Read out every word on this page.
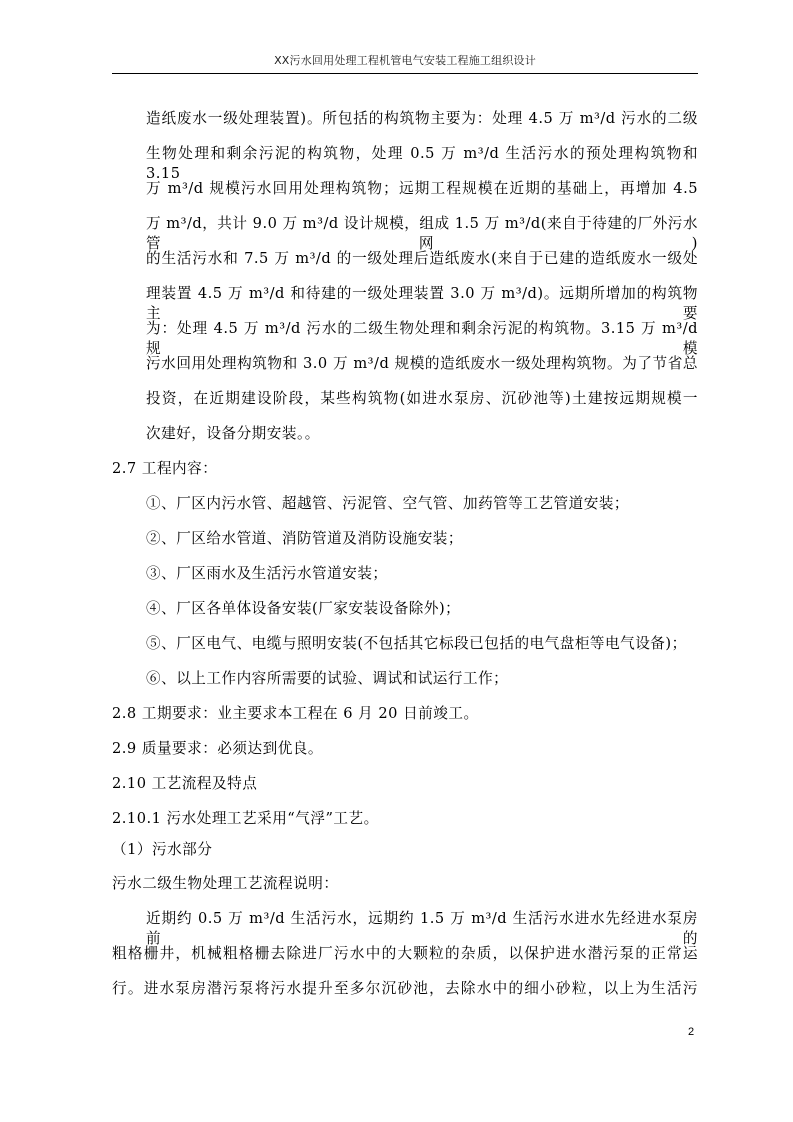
XX污水回用处理工程机管电气安装工程施工组织设计
造纸废水一级处理装置)。所包括的构筑物主要为：处理 4.5 万 m³/d 污水的二级
生物处理和剩余污泥的构筑物，处理 0.5 万 m³/d 生活污水的预处理构筑物和 3.15
万 m³/d 规模污水回用处理构筑物；远期工程规模在近期的基础上，再增加 4.5
万 m³/d，共计 9.0 万 m³/d 设计规模，组成 1.5 万 m³/d(来自于待建的厂外污水管网)
的生活污水和 7.5 万 m³/d 的一级处理后造纸废水(来自于已建的造纸废水一级处
理装置 4.5 万 m³/d 和待建的一级处理装置 3.0 万 m³/d)。远期所增加的构筑物主要
为：处理 4.5 万 m³/d 污水的二级生物处理和剩余污泥的构筑物。3.15 万 m³/d 规模
污水回用处理构筑物和 3.0 万 m³/d 规模的造纸废水一级处理构筑物。为了节省总
投资，在近期建设阶段，某些构筑物(如进水泵房、沉砂池等)土建按远期规模一
次建好，设备分期安装。。
2.7 工程内容：
①、厂区内污水管、超越管、污泥管、空气管、加药管等工艺管道安装；
②、厂区给水管道、消防管道及消防设施安装；
③、厂区雨水及生活污水管道安装；
④、厂区各单体设备安装(厂家安装设备除外)；
⑤、厂区电气、电缆与照明安装(不包括其它标段已包括的电气盘柜等电气设备)；
⑥、以上工作内容所需要的试验、调试和试运行工作；
2.8 工期要求：业主要求本工程在 6 月 20 日前竣工。
2.9 质量要求：必须达到优良。
2.10 工艺流程及特点
2.10.1 污水处理工艺采用“气浮”工艺。
（1）污水部分
污水二级生物处理工艺流程说明：
近期约 0.5 万 m³/d 生活污水，远期约 1.5 万 m³/d 生活污水进水先经进水泵房前的
粗格栅井，机械粗格栅去除进厂污水中的大颗粒的杂质，以保护进水潜污泵的正常运
行。进水泵房潜污泵将污水提升至多尔沉砂池，去除水中的细小砂粒，以上为生活污
2
